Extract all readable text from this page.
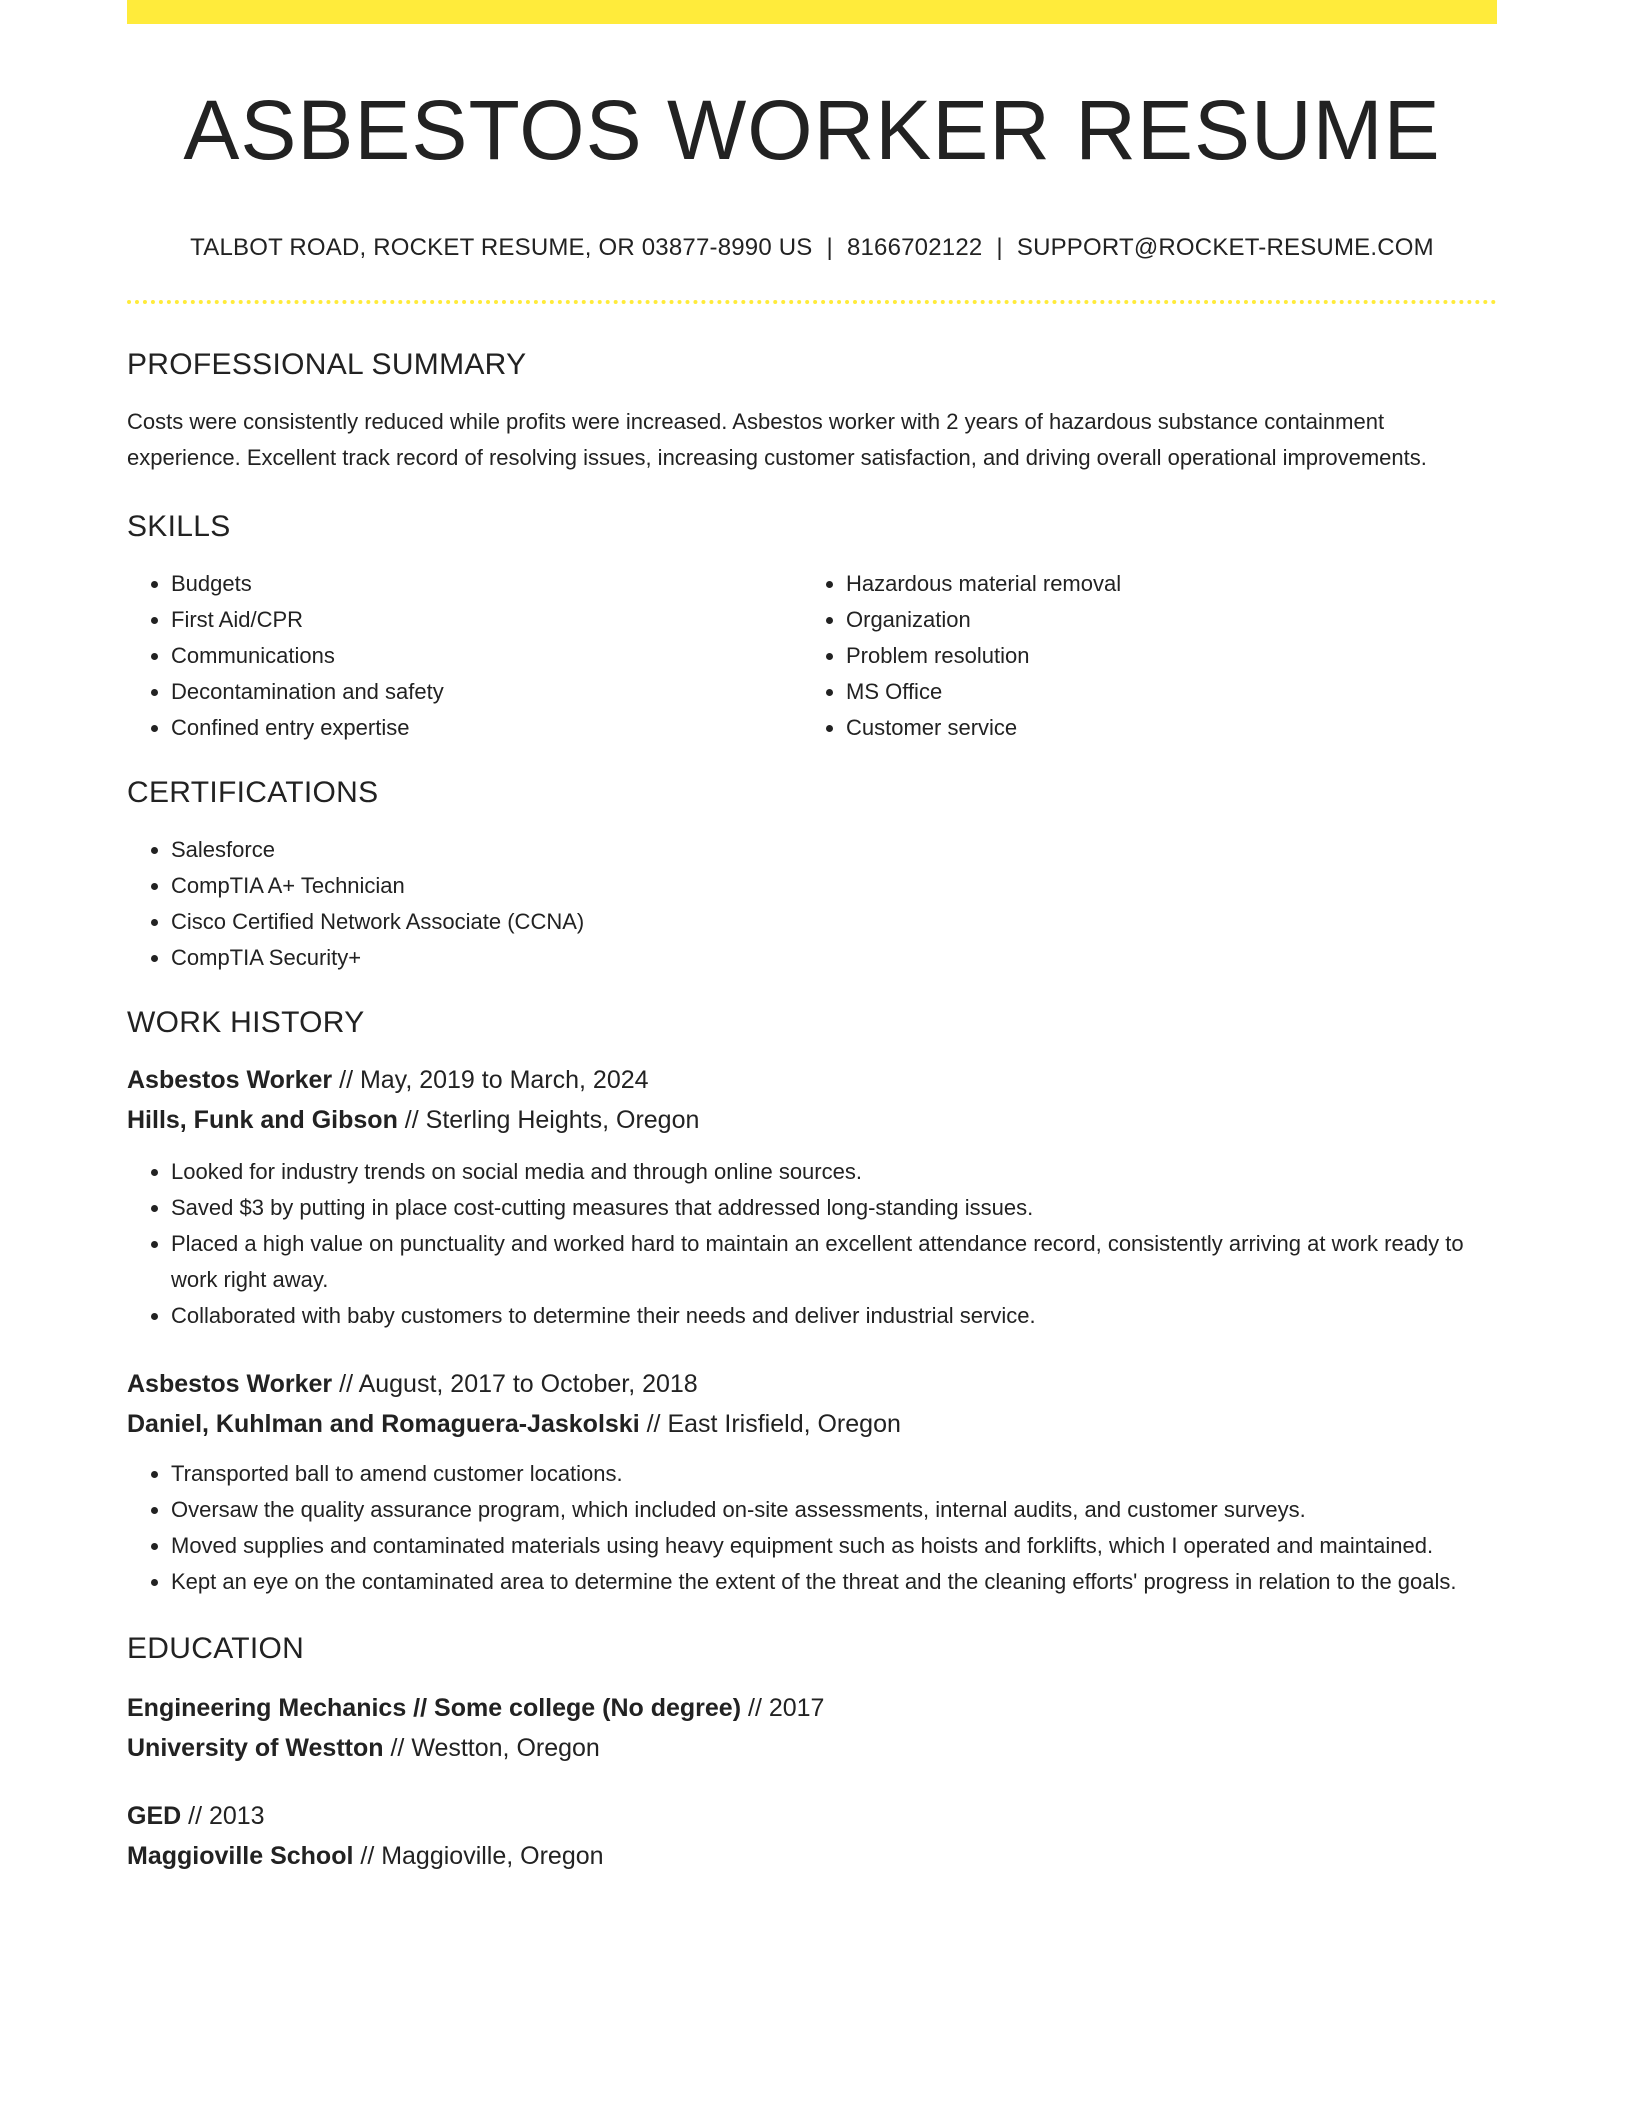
ASBESTOS WORKER RESUME
TALBOT ROAD, ROCKET RESUME, OR 03877-8990 US | 8166702122 | SUPPORT@ROCKET-RESUME.COM
PROFESSIONAL SUMMARY

Costs were consistently reduced while profits were increased. Asbestos worker with 2 years of hazardous substance containment experience. Excellent track record of resolving issues, increasing customer satisfaction, and driving overall operational improvements.

SKILLS
• Budgets
• First Aid/CPR
• Communications
• Decontamination and safety
• Confined entry expertise
• Hazardous material removal
• Organization
• Problem resolution
• MS Office
• Customer service
CERTIFICATIONS
• Salesforce
• CompTIA A+ Technician
• Cisco Certified Network Associate (CCNA)
• CompTIA Security+
WORK HISTORY
Asbestos Worker // May, 2019 to March, 2024
Hills, Funk and Gibson // Sterling Heights, Oregon
• Looked for industry trends on social media and through online sources.
• Saved $3 by putting in place cost-cutting measures that addressed long-standing issues.
• Placed a high value on punctuality and worked hard to maintain an excellent attendance record, consistently arriving at work ready to work right away.
• Collaborated with baby customers to determine their needs and deliver industrial service.
Asbestos Worker // August, 2017 to October, 2018
Daniel, Kuhlman and Romaguera-Jaskolski // East Irisfield, Oregon
• Transported ball to amend customer locations.
• Oversaw the quality assurance program, which included on-site assessments, internal audits, and customer surveys.
• Moved supplies and contaminated materials using heavy equipment such as hoists and forklifts, which I operated and maintained.
• Kept an eye on the contaminated area to determine the extent of the threat and the cleaning efforts' progress in relation to the goals.
EDUCATION
Engineering Mechanics // Some college (No degree) // 2017
University of Westton // Westton, Oregon
GED // 2013
Maggioville School // Maggioville, Oregon
